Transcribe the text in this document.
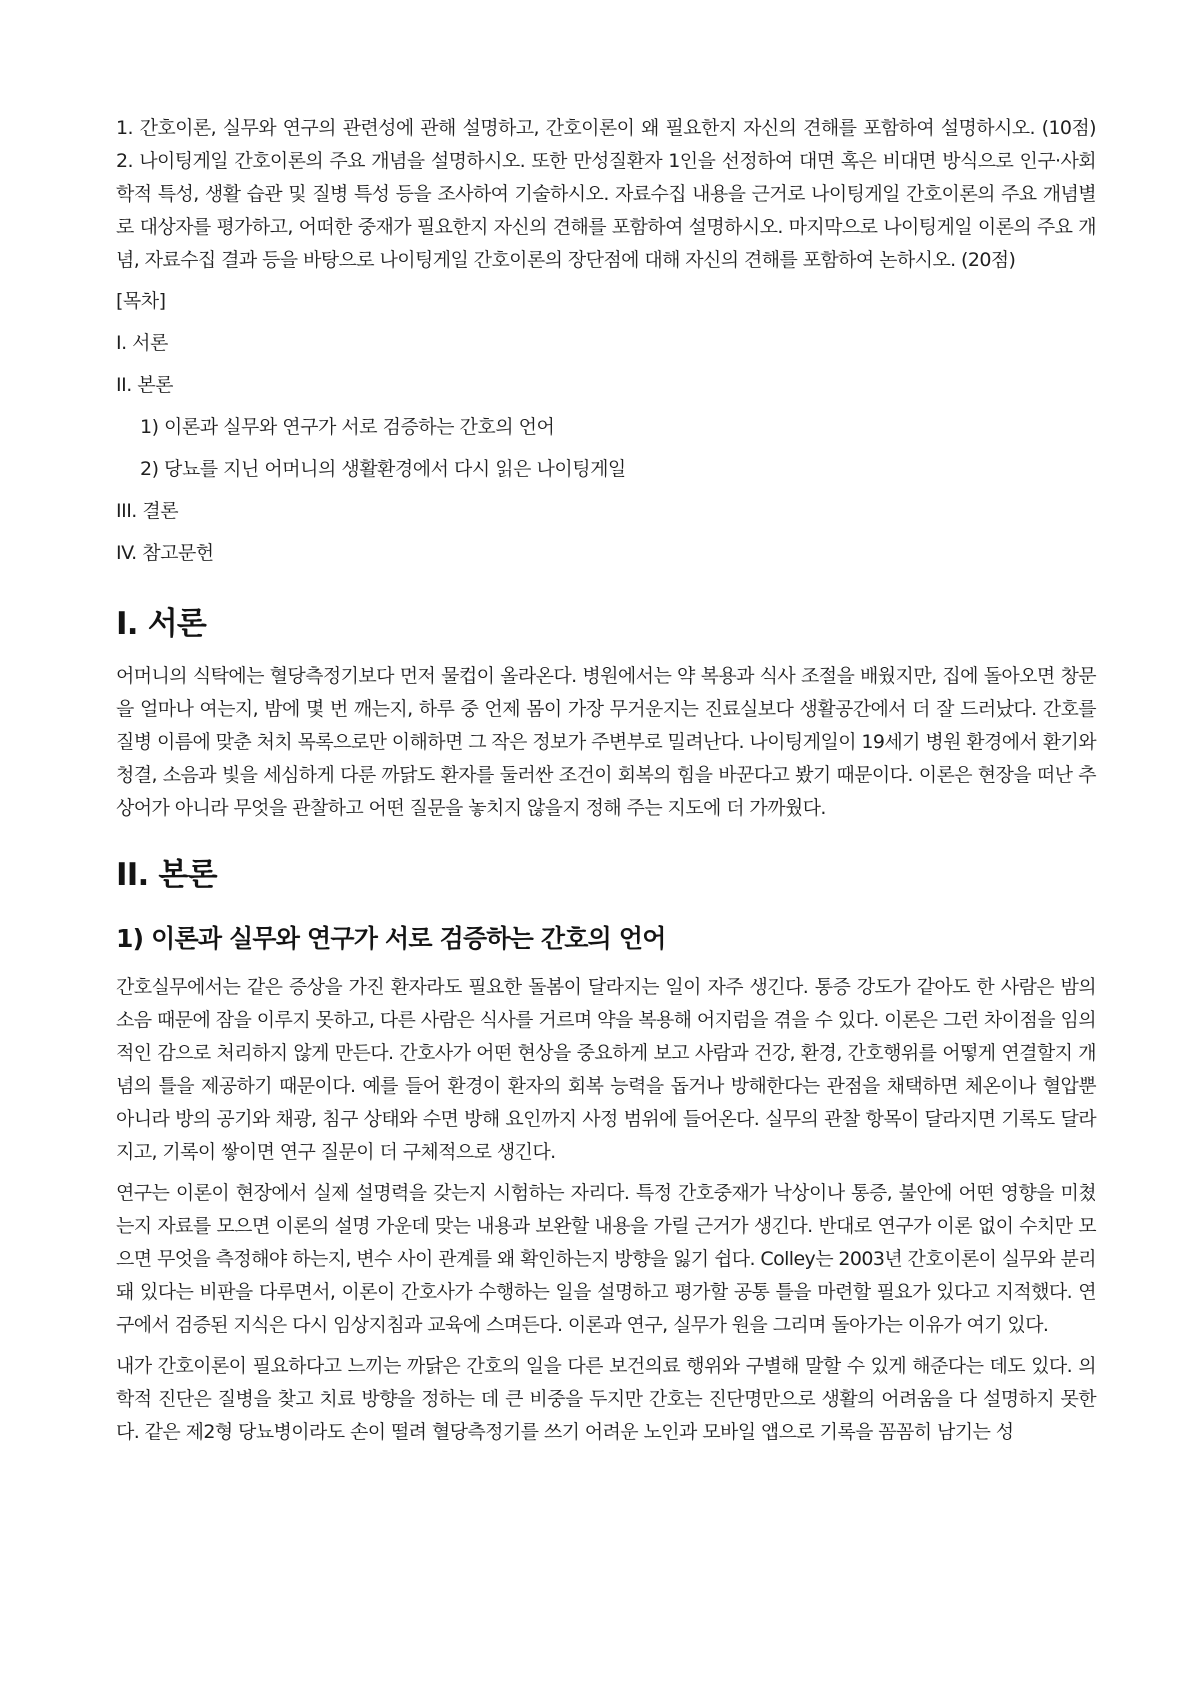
1. 간호이론, 실무와 연구의 관련성에 관해 설명하고, 간호이론이 왜 필요한지 자신의 견해를 포함하여 설명하시오. (10점) 2. 나이팅게일 간호이론의 주요 개념을 설명하시오. 또한 만성질환자 1인을 선정하여 대면 혹은 비대면 방식으로 인구·사회학적 특성, 생활 습관 및 질병 특성 등을 조사하여 기술하시오. 자료수집 내용을 근거로 나이팅게일 간호이론의 주요 개념별로 대상자를 평가하고, 어떠한 중재가 필요한지 자신의 견해를 포함하여 설명하시오. 마지막으로 나이팅게일 이론의 주요 개념, 자료수집 결과 등을 바탕으로 나이팅게일 간호이론의 장단점에 대해 자신의 견해를 포함하여 논하시오. (20점)

[목차]
I. 서론
II. 본론
1) 이론과 실무와 연구가 서로 검증하는 간호의 언어
2) 당뇨를 지닌 어머니의 생활환경에서 다시 읽은 나이팅게일
III. 결론
IV. 참고문헌
I. 서론

어머니의 식탁에는 혈당측정기보다 먼저 물컵이 올라온다. 병원에서는 약 복용과 식사 조절을 배웠지만, 집에 돌아오면 창문을 얼마나 여는지, 밤에 몇 번 깨는지, 하루 중 언제 몸이 가장 무거운지는 진료실보다 생활공간에서 더 잘 드러났다. 간호를 질병 이름에 맞춘 처치 목록으로만 이해하면 그 작은 정보가 주변부로 밀려난다. 나이팅게일이 19세기 병원 환경에서 환기와 청결, 소음과 빛을 세심하게 다룬 까닭도 환자를 둘러싼 조건이 회복의 힘을 바꾼다고 봤기 때문이다. 이론은 현장을 떠난 추상어가 아니라 무엇을 관찰하고 어떤 질문을 놓치지 않을지 정해 주는 지도에 더 가까웠다.

II. 본론
1) 이론과 실무와 연구가 서로 검증하는 간호의 언어

간호실무에서는 같은 증상을 가진 환자라도 필요한 돌봄이 달라지는 일이 자주 생긴다. 통증 강도가 같아도 한 사람은 밤의 소음 때문에 잠을 이루지 못하고, 다른 사람은 식사를 거르며 약을 복용해 어지럼을 겪을 수 있다. 이론은 그런 차이점을 임의적인 감으로 처리하지 않게 만든다. 간호사가 어떤 현상을 중요하게 보고 사람과 건강, 환경, 간호행위를 어떻게 연결할지 개념의 틀을 제공하기 때문이다. 예를 들어 환경이 환자의 회복 능력을 돕거나 방해한다는 관점을 채택하면 체온이나 혈압뿐 아니라 방의 공기와 채광, 침구 상태와 수면 방해 요인까지 사정 범위에 들어온다. 실무의 관찰 항목이 달라지면 기록도 달라지고, 기록이 쌓이면 연구 질문이 더 구체적으로 생긴다.

연구는 이론이 현장에서 실제 설명력을 갖는지 시험하는 자리다. 특정 간호중재가 낙상이나 통증, 불안에 어떤 영향을 미쳤는지 자료를 모으면 이론의 설명 가운데 맞는 내용과 보완할 내용을 가릴 근거가 생긴다. 반대로 연구가 이론 없이 수치만 모으면 무엇을 측정해야 하는지, 변수 사이 관계를 왜 확인하는지 방향을 잃기 쉽다. Colley는 2003년 간호이론이 실무와 분리돼 있다는 비판을 다루면서, 이론이 간호사가 수행하는 일을 설명하고 평가할 공통 틀을 마련할 필요가 있다고 지적했다. 연구에서 검증된 지식은 다시 임상지침과 교육에 스며든다. 이론과 연구, 실무가 원을 그리며 돌아가는 이유가 여기 있다.

내가 간호이론이 필요하다고 느끼는 까닭은 간호의 일을 다른 보건의료 행위와 구별해 말할 수 있게 해준다는 데도 있다. 의학적 진단은 질병을 찾고 치료 방향을 정하는 데 큰 비중을 두지만 간호는 진단명만으로 생활의 어려움을 다 설명하지 못한다. 같은 제2형 당뇨병이라도 손이 떨려 혈당측정기를 쓰기 어려운 노인과 모바일 앱으로 기록을 꼼꼼히 남기는 성
